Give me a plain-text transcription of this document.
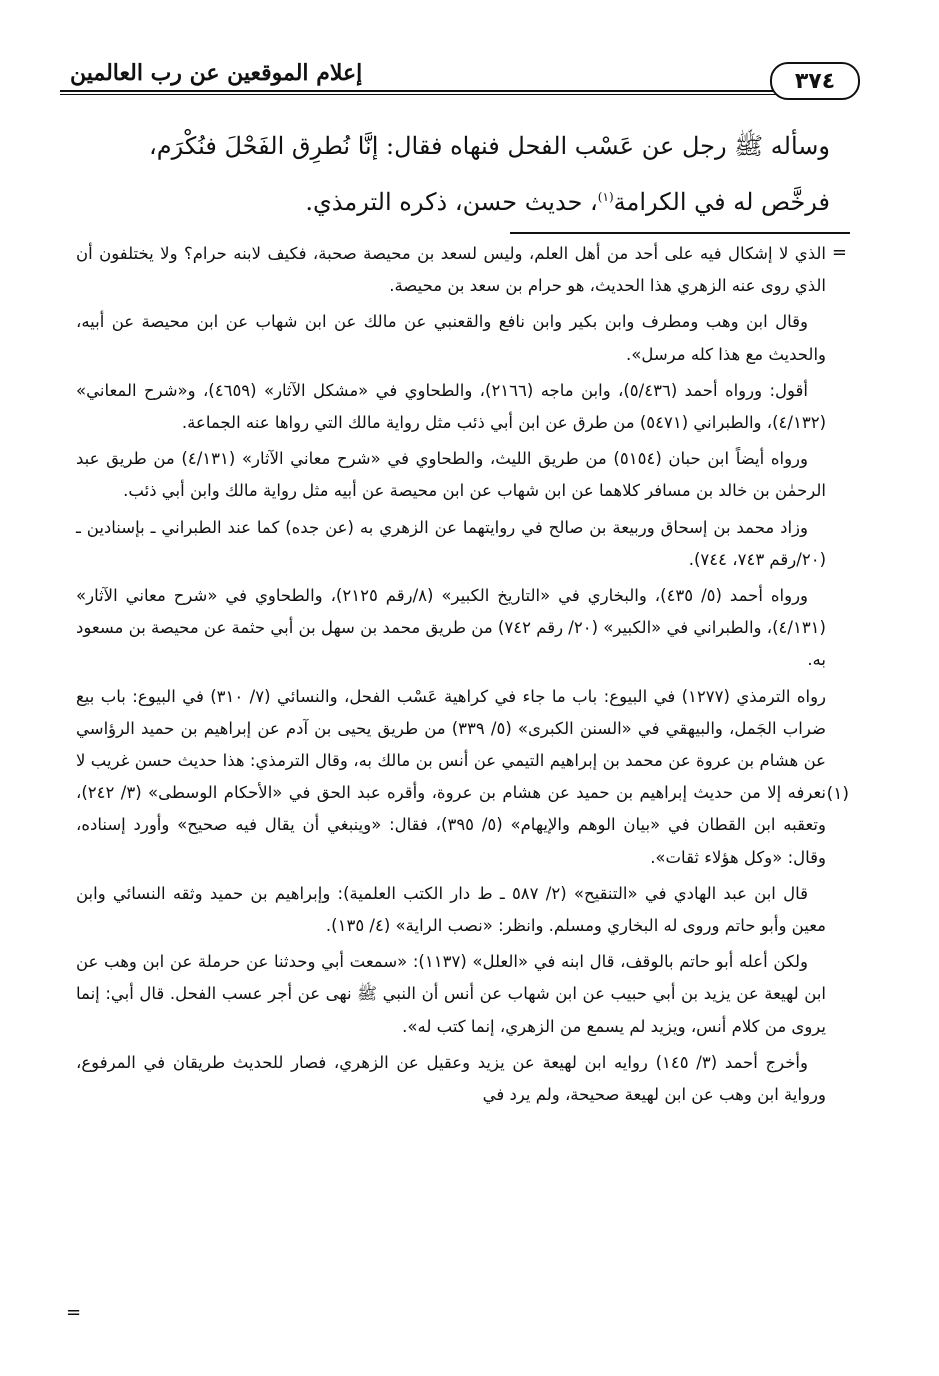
إعلام الموقعين عن رب العالمين	٣٧٤
وسأله ﷺ رجل عن عَسْب الفحل فنهاه فقال: إنَّا نُطرِق الفَحْلَ فنُكْرَم،
فرخَّص له في الكرامة$^{(١)}$، حديث حسن، ذكره الترمذي.
=
(١)

الذي لا إشكال فيه على أحد من أهل العلم، وليس لسعد بن محيصة صحبة، فكيف لابنه حرام؟ ولا يختلفون أن الذي روى عنه الزهري هذا الحديث، هو حرام بن سعد بن محيصة.

وقال ابن وهب ومطرف وابن بكير وابن نافع والقعنبي عن مالك عن ابن شهاب عن ابن محيصة عن أبيه، والحديث مع هذا كله مرسل».

أقول: ورواه أحمد (٥/٤٣٦)، وابن ماجه (٢١٦٦)، والطحاوي في «مشكل الآثار» (٤٦٥٩)، و«شرح المعاني» (٤/١٣٢)، والطبراني (٥٤٧١) من طرق عن ابن أبي ذئب مثل رواية مالك التي رواها عنه الجماعة.

ورواه أيضاً ابن حبان (٥١٥٤) من طريق الليث، والطحاوي في «شرح معاني الآثار» (٤/١٣١) من طريق عبد الرحمٰن بن خالد بن مسافر كلاهما عن ابن شهاب عن ابن محيصة عن أبيه مثل رواية مالك وابن أبي ذئب.

وزاد محمد بن إسحاق وربيعة بن صالح في روايتهما عن الزهري به (عن جده) كما عند الطبراني ـ بإسنادين ـ (٢٠/رقم ٧٤٣، ٧٤٤).

ورواه أحمد (٥/ ٤٣٥)، والبخاري في «التاريخ الكبير» (٨/رقم ٢١٢٥)، والطحاوي في «شرح معاني الآثار» (٤/١٣١)، والطبراني في «الكبير» (٢٠/ رقم ٧٤٢) من طريق محمد بن سهل بن أبي حثمة عن محيصة بن مسعود به.

رواه الترمذي (١٢٧٧) في البيوع: باب ما جاء في كراهية عَسْب الفحل، والنسائي (٧/ ٣١٠) في البيوع: باب بيع ضراب الجَمل، والبيهقي في «السنن الكبرى» (٥/ ٣٣٩) من طريق يحيى بن آدم عن إبراهيم بن حميد الرؤاسي عن هشام بن عروة عن محمد بن إبراهيم التيمي عن أنس بن مالك به، وقال الترمذي: هذا حديث حسن غريب لا نعرفه إلا من حديث إبراهيم بن حميد عن هشام بن عروة، وأقره عبد الحق في «الأحكام الوسطى» (٣/ ٢٤٢)، وتعقبه ابن القطان في «بيان الوهم والإيهام» (٥/ ٣٩٥)، فقال: «وينبغي أن يقال فيه صحيح» وأورد إسناده، وقال: «وكل هؤلاء ثقات».

قال ابن عبد الهادي في «التنقيح» (٢/ ٥٨٧ ـ ط دار الكتب العلمية): وإبراهيم بن حميد وثقه النسائي وابن معين وأبو حاتم وروى له البخاري ومسلم. وانظر: «نصب الراية» (٤/ ١٣٥).

ولكن أعله أبو حاتم بالوقف، قال ابنه في «العلل» (١١٣٧): «سمعت أبي وحدثنا عن حرملة عن ابن وهب عن ابن لهيعة عن يزيد بن أبي حبيب عن ابن شهاب عن أنس أن النبي ﷺ نهى عن أجر عسب الفحل. قال أبي: إنما يروى من كلام أنس، ويزيد لم يسمع من الزهري، إنما كتب له».

وأخرج أحمد (٣/ ١٤٥) روايه ابن لهيعة عن يزيد وعقيل عن الزهري، فصار للحديث طريقان في المرفوع، ورواية ابن وهب عن ابن لهيعة صحيحة، ولم يرد في

=
